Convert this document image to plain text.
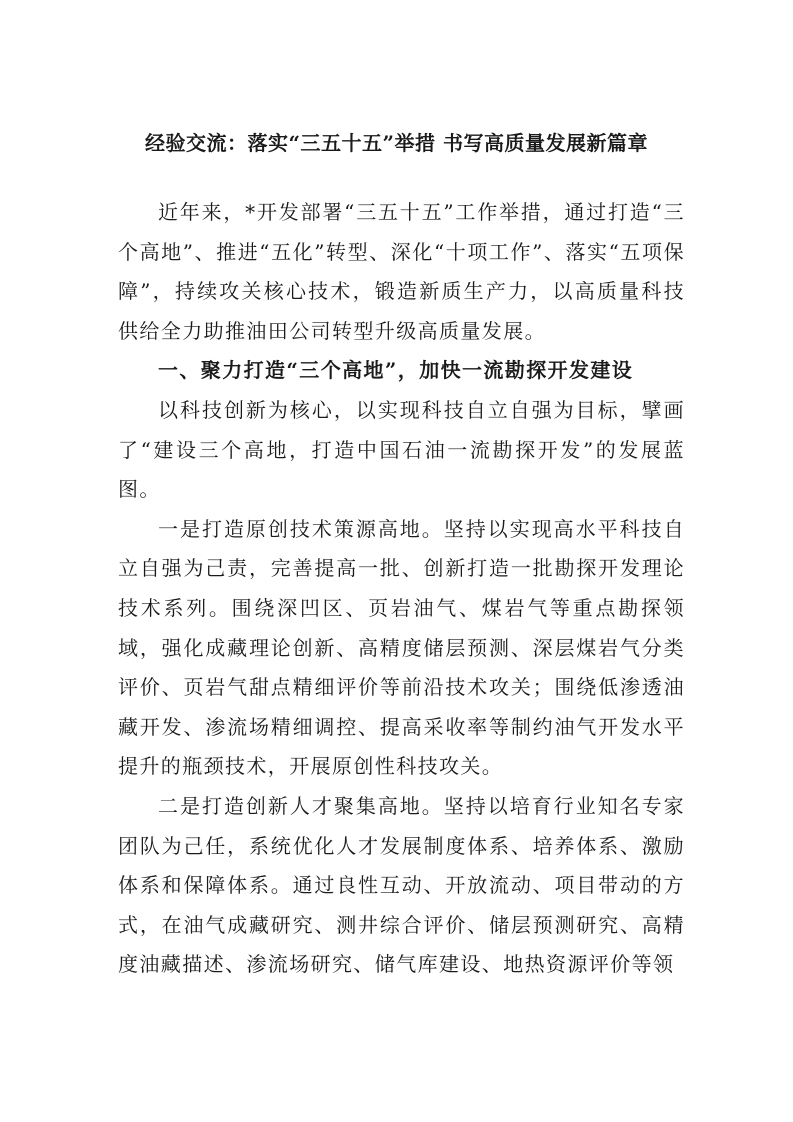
经验交流：落实“三五十五”举措 书写高质量发展新篇章

近年来，*开发部署“三五十五”工作举措，通过打造“三个高地”、推进“五化”转型、深化“十项工作”、落实“五项保障”，持续攻关核心技术，锻造新质生产力，以高质量科技供给全力助推油田公司转型升级高质量发展。

一、聚力打造“三个高地”，加快一流勘探开发建设

以科技创新为核心，以实现科技自立自强为目标，擘画了“建设三个高地，打造中国石油一流勘探开发”的发展蓝图。

一是打造原创技术策源高地。坚持以实现高水平科技自立自强为己责，完善提高一批、创新打造一批勘探开发理论技术系列。围绕深凹区、页岩油气、煤岩气等重点勘探领域，强化成藏理论创新、高精度储层预测、深层煤岩气分类评价、页岩气甜点精细评价等前沿技术攻关；围绕低渗透油藏开发、渗流场精细调控、提高采收率等制约油气开发水平提升的瓶颈技术，开展原创性科技攻关。

二是打造创新人才聚集高地。坚持以培育行业知名专家团队为己任，系统优化人才发展制度体系、培养体系、激励体系和保障体系。通过良性互动、开放流动、项目带动的方式，在油气成藏研究、测井综合评价、储层预测研究、高精度油藏描述、渗流场研究、储气库建设、地热资源评价等领
